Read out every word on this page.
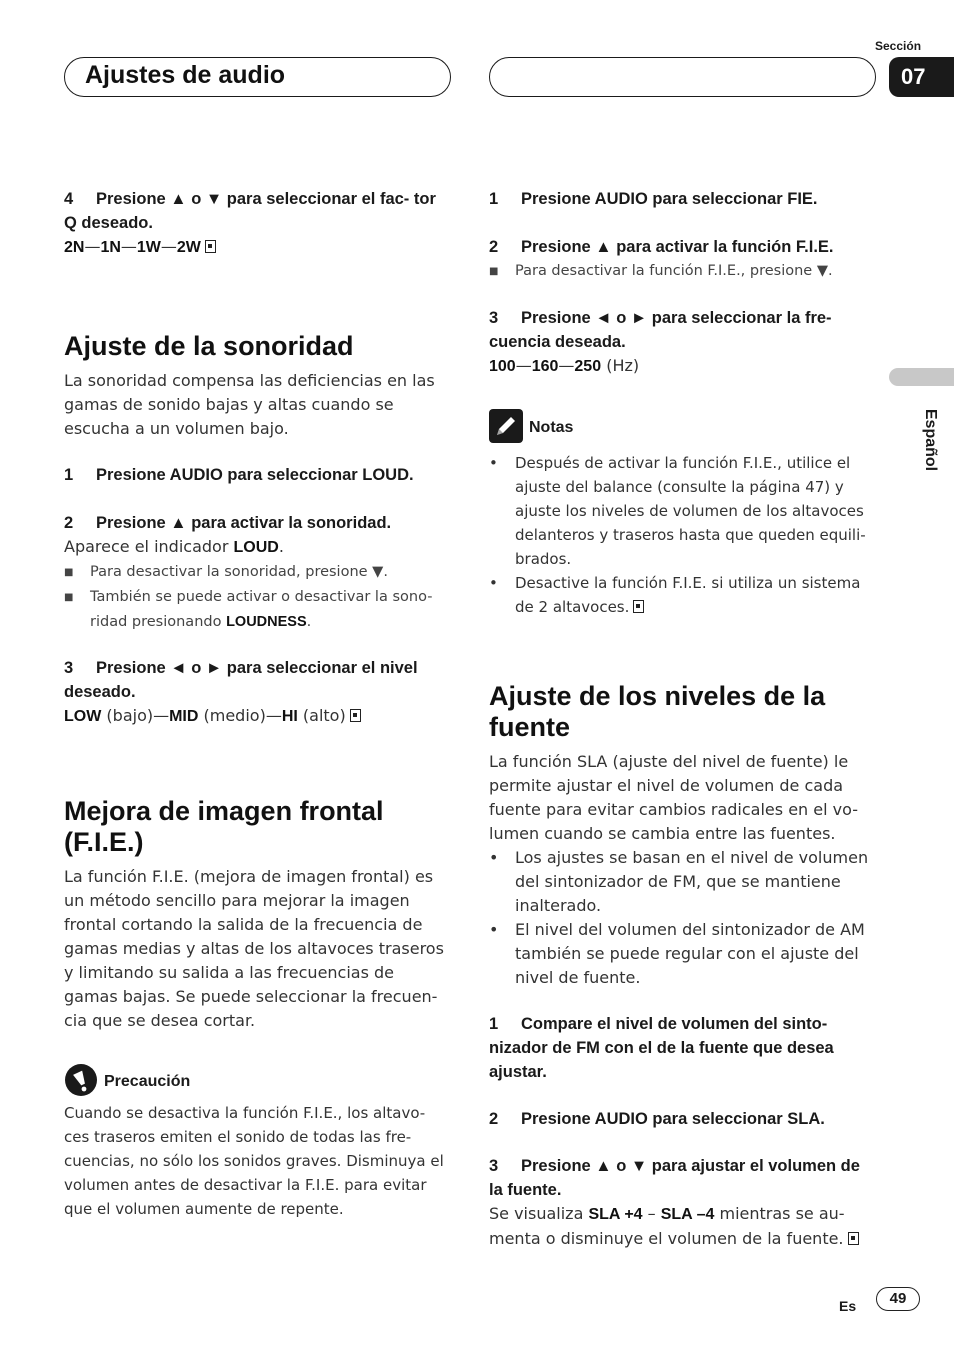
Ajustes de audio
Sección
07
Español

4 Presione ▲ o ▼ para seleccionar el fac- tor Q deseado.

2N—1N—1W—2W

Ajuste de la sonoridad

La sonoridad compensa las deficiencias en las gamas de sonido bajas y altas cuando se escucha a un volumen bajo.

1 Presione AUDIO para seleccionar LOUD.

2 Presione ▲ para activar la sonoridad.

Aparece el indicador LOUD.

■ Para desactivar la sonoridad, presione ▼.

■ También se puede activar o desactivar la sono- ridad presionando LOUDNESS.

3 Presione ◄ o ► para seleccionar el nivel deseado.

LOW (bajo)—MID (medio)—HI (alto)

Mejora de imagen frontal (F.I.E.)

La función F.I.E. (mejora de imagen frontal) es un método sencillo para mejorar la imagen frontal cortando la salida de la frecuencia de gamas medias y altas de los altavoces traseros y limitando su salida a las frecuencias de gamas bajas. Se puede seleccionar la frecuen- cia que se desea cortar.

Precaución

Cuando se desactiva la función F.I.E., los altavo- ces traseros emiten el sonido de todas las fre- cuencias, no sólo los sonidos graves. Disminuya el volumen antes de desactivar la F.I.E. para evitar que el volumen aumente de repente.

1 Presione AUDIO para seleccionar FIE.

2 Presione ▲ para activar la función F.I.E.

■ Para desactivar la función F.I.E., presione ▼.

3 Presione ◄ o ► para seleccionar la fre- cuencia deseada.

100—160—250 (Hz)

Notas

• Después de activar la función F.I.E., utilice el ajuste del balance (consulte la página 47) y ajuste los niveles de volumen de los altavoces delanteros y traseros hasta que queden equili- brados.

• Desactive la función F.I.E. si utiliza un sistema de 2 altavoces.

Ajuste de los niveles de la fuente

La función SLA (ajuste del nivel de fuente) le permite ajustar el nivel de volumen de cada fuente para evitar cambios radicales en el vo- lumen cuando se cambia entre las fuentes.

• Los ajustes se basan en el nivel de volumen del sintonizador de FM, que se mantiene inalterado.

• El nivel del volumen del sintonizador de AM también se puede regular con el ajuste del nivel de fuente.

1 Compare el nivel de volumen del sinto- nizador de FM con el de la fuente que desea ajustar.

2 Presione AUDIO para seleccionar SLA.

3 Presione ▲ o ▼ para ajustar el volumen de la fuente.

Se visualiza SLA +4 – SLA –4 mientras se au- menta o disminuye el volumen de la fuente.

Es	49
